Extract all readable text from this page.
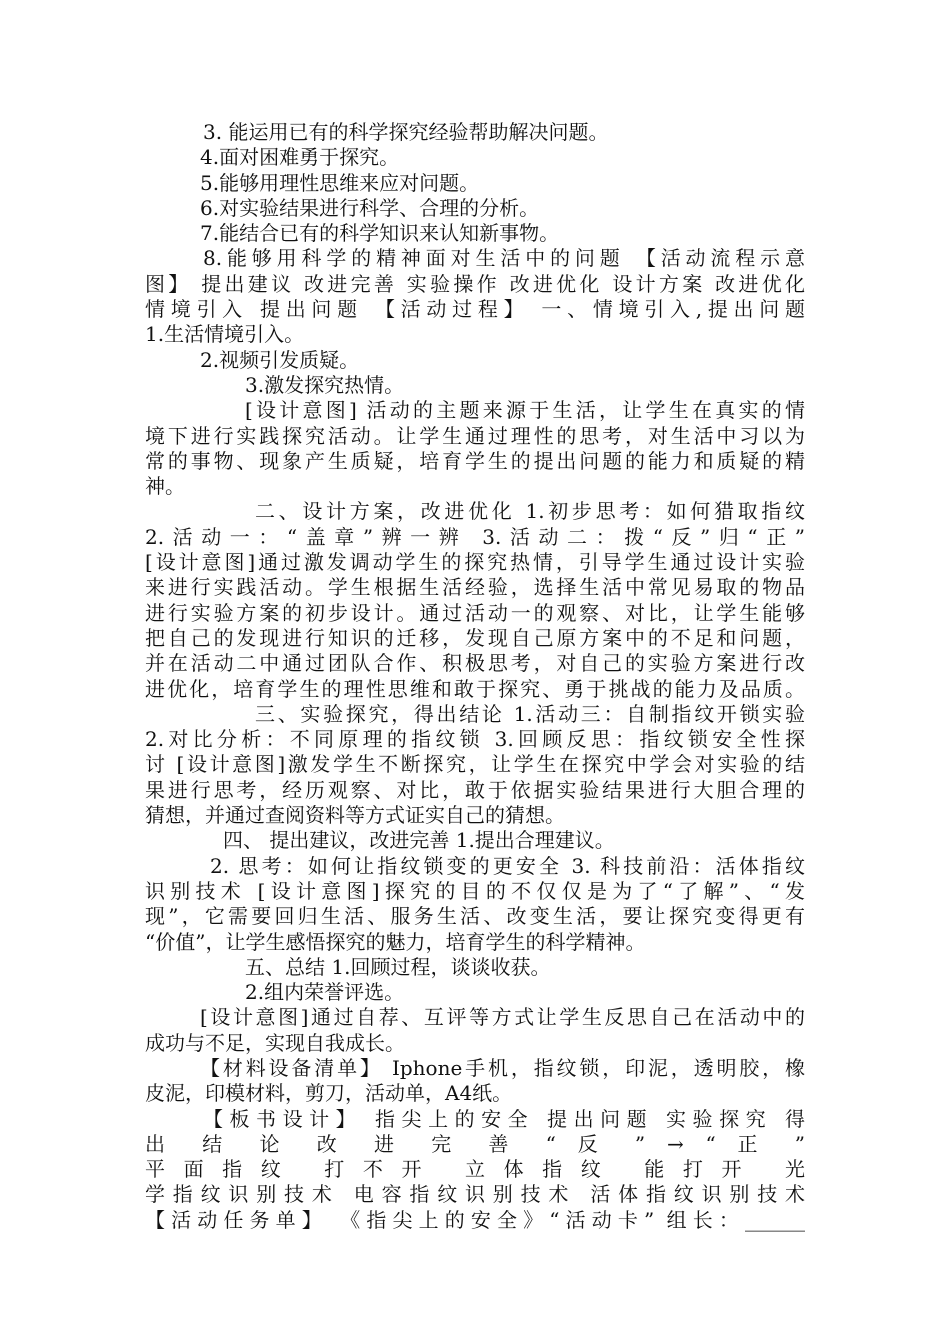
3. 能运用已有的科学探究经验帮助解决问题。
4.面对困难勇于探究。
5.能够用理性思维来应对问题。
6.对实验结果进行科学、合理的分析。
7.能结合已有的科学知识来认知新事物。
8.能够用科学的精神面对生活中的问题 【活动流程示意
图】 提出建议 改进完善 实验操作 改进优化 设计方案 改进优化
情境引入 提出问题 【活动过程】 一、情境引入,提出问题
1.生活情境引入。
2.视频引发质疑。
3.激发探究热情。
[设计意图] 活动的主题来源于生活，让学生在真实的情
境下进行实践探究活动。让学生通过理性的思考，对生活中习以为
常的事物、现象产生质疑，培育学生的提出问题的能力和质疑的精
神。
二、设计方案，改进优化 1.初步思考：如何猎取指纹
2.活动一：“盖章”辨一辨 3.活动二：拨“反”归“正”
[设计意图]通过激发调动学生的探究热情，引导学生通过设计实验
来进行实践活动。学生根据生活经验，选择生活中常见易取的物品
进行实验方案的初步设计。通过活动一的观察、对比，让学生能够
把自己的发现进行知识的迁移，发现自己原方案中的不足和问题，
并在活动二中通过团队合作、积极思考，对自己的实验方案进行改
进优化，培育学生的理性思维和敢于探究、勇于挑战的能力及品质。
三、实验探究，得出结论 1.活动三：自制指纹开锁实验
2.对比分析：不同原理的指纹锁 3.回顾反思：指纹锁安全性探
讨 [设计意图]激发学生不断探究，让学生在探究中学会对实验的结
果进行思考，经历观察、对比，敢于依据实验结果进行大胆合理的
猜想，并通过查阅资料等方式证实自己的猜想。
四、 提出建议，改进完善 1.提出合理建议。
2. 思考：如何让指纹锁变的更安全 3. 科技前沿：活体指纹
识别技术 [设计意图]探究的目的不仅仅是为了“了解”、“发
现”，它需要回归生活、服务生活、改变生活，要让探究变得更有
“价值”，让学生感悟探究的魅力，培育学生的科学精神。
五、总结 1.回顾过程，谈谈收获。
2.组内荣誉评选。
[设计意图]通过自荐、互评等方式让学生反思自己在活动中的
成功与不足，实现自我成长。
【材料设备清单】 Iphone手机，指纹锁，印泥，透明胶，橡
皮泥，印模材料，剪刀，活动单，A4纸。
【板书设计】 指尖上的安全 提出问题 实验探究 得
出 结 论 改 进 完 善 “ 反 ” → “ 正 ”
平面指纹 打不开 立体指纹 能打开 光
学指纹识别技术 电容指纹识别技术 活体指纹识别技术
【活动任务单】 《指尖上的安全》“活动卡” 组长：______
